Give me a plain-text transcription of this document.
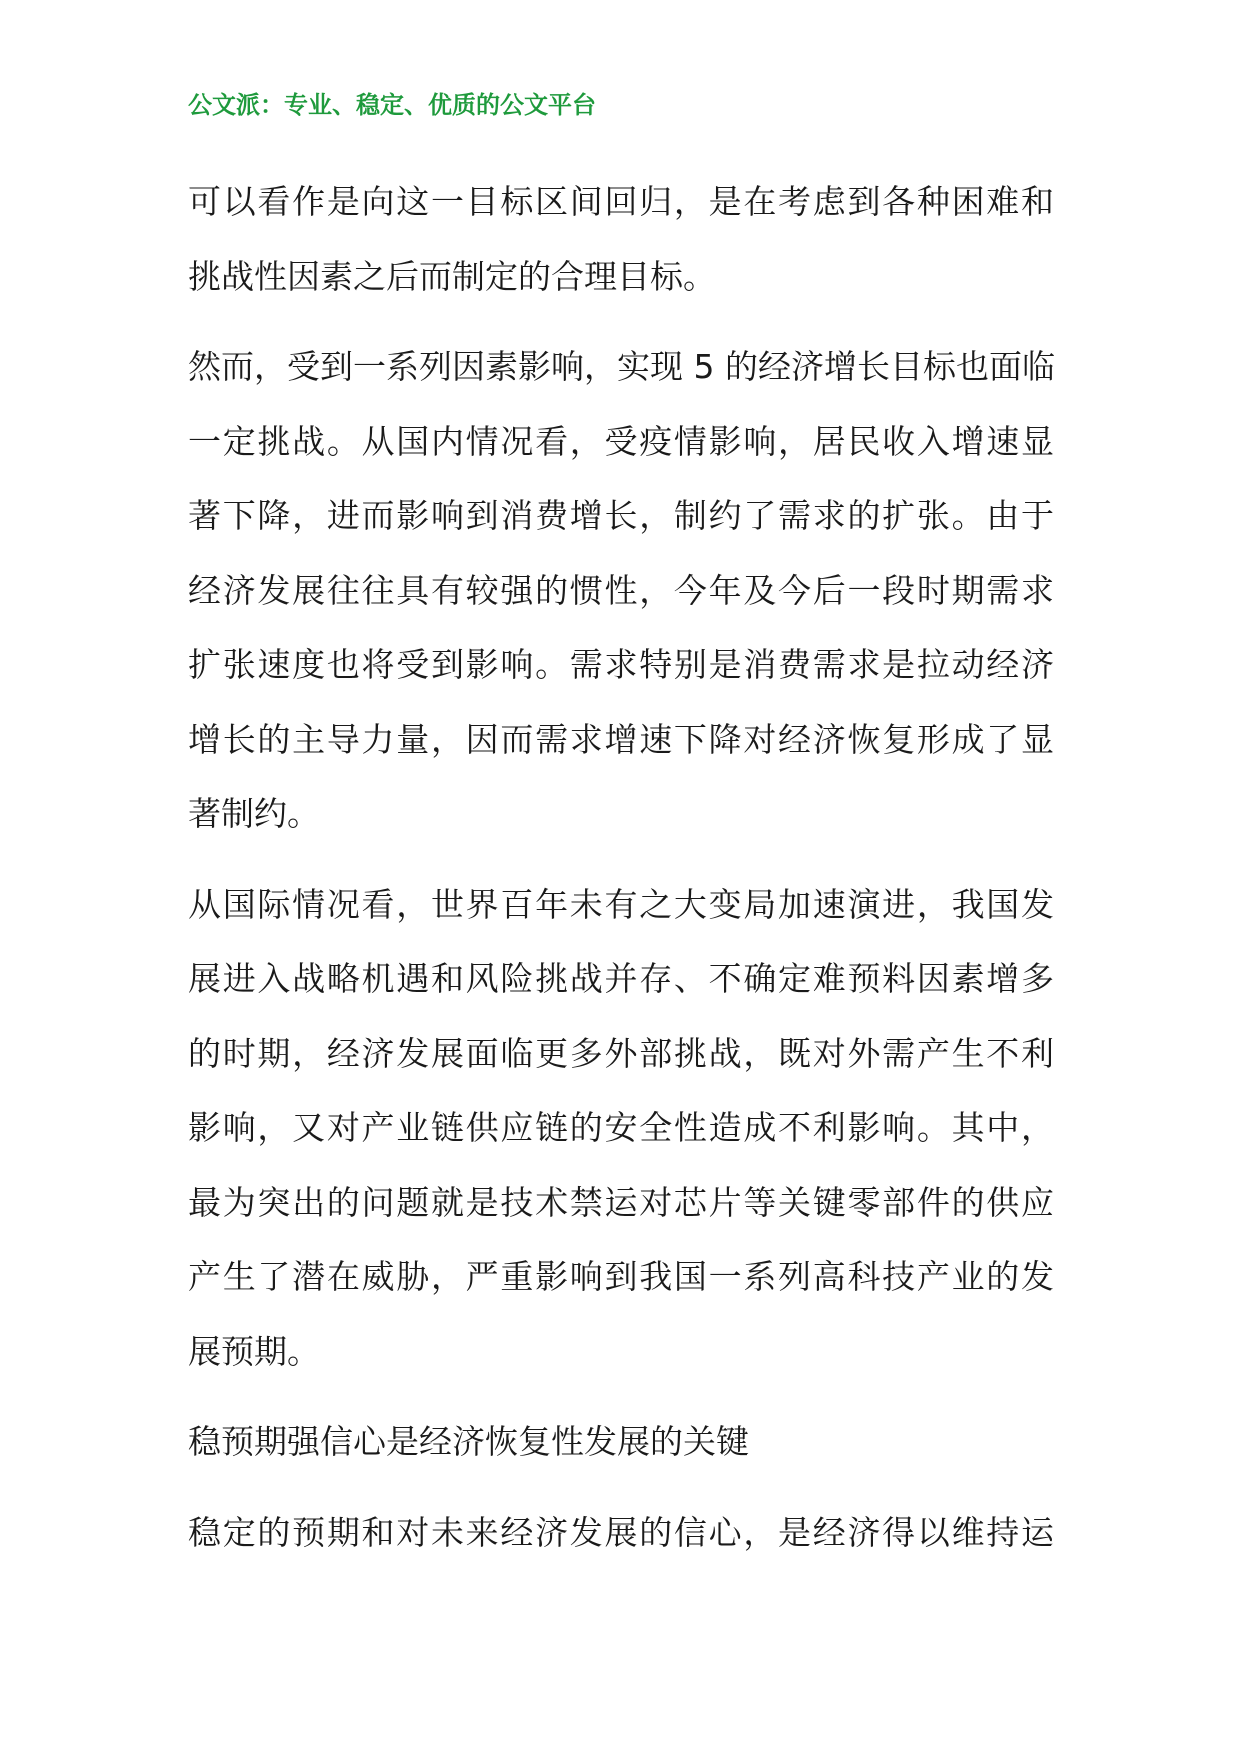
公文派：专业、稳定、优质的公文平台

可以看作是向这一目标区间回归，是在考虑到各种困难和
挑战性因素之后而制定的合理目标。

然而，受到一系列因素影响，实现 5 的经济增长目标也面临
一定挑战。从国内情况看，受疫情影响，居民收入增速显
著下降，进而影响到消费增长，制约了需求的扩张。由于
经济发展往往具有较强的惯性，今年及今后一段时期需求
扩张速度也将受到影响。需求特别是消费需求是拉动经济
增长的主导力量，因而需求增速下降对经济恢复形成了显
著制约。

从国际情况看，世界百年未有之大变局加速演进，我国发
展进入战略机遇和风险挑战并存、不确定难预料因素增多
的时期，经济发展面临更多外部挑战，既对外需产生不利
影响，又对产业链供应链的安全性造成不利影响。其中，
最为突出的问题就是技术禁运对芯片等关键零部件的供应
产生了潜在威胁，严重影响到我国一系列高科技产业的发
展预期。

稳预期强信心是经济恢复性发展的关键

稳定的预期和对未来经济发展的信心，是经济得以维持运
